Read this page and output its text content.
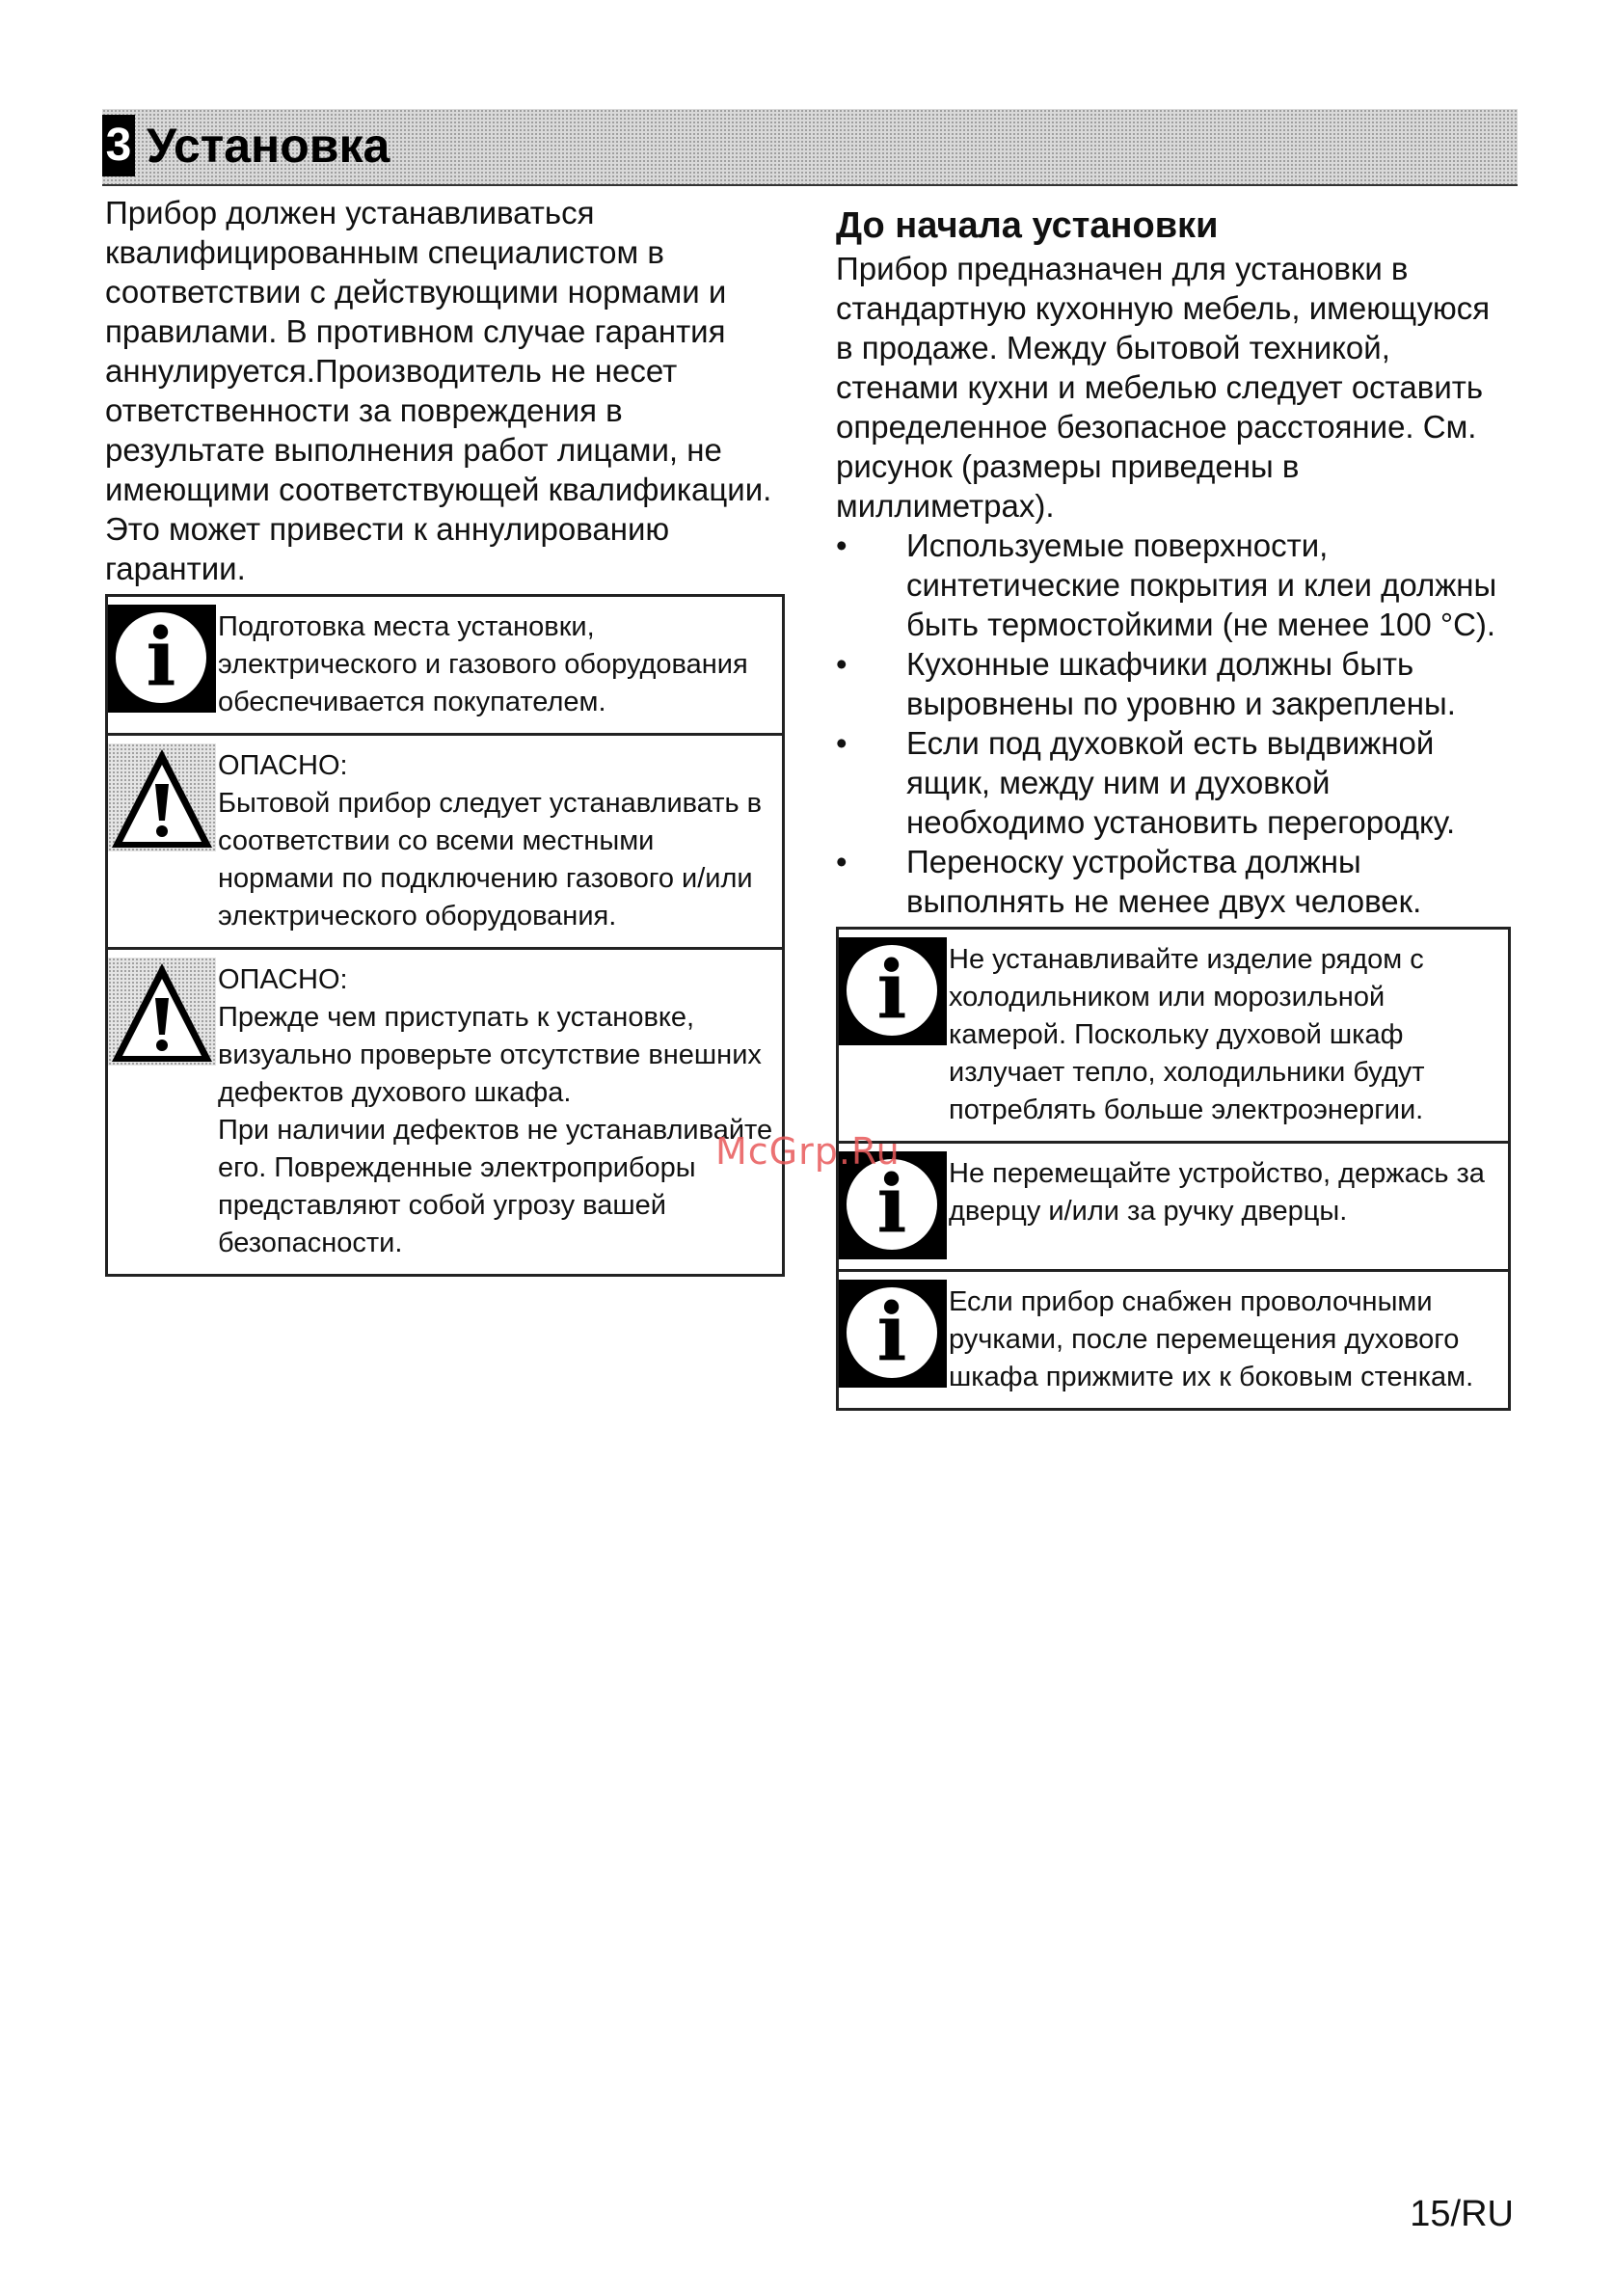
3 Установка

Прибор должен устанавливаться квалифицированным специалистом в соответствии с действующими нормами и правилами. В противном случае гарантия аннулируется.Производитель не несет ответственности за повреждения в результате выполнения работ лицами, не имеющими соответствующей квалификации. Это может привести к аннулированию гарантии.

i	Подготовка места установки, электрического и газового оборудования обеспечивается покупателем.

ОПАСНО:

Бытовой прибор следует устанавливать в соответствии со всеми местными нормами по подключению газового и/или электрического оборудования.

ОПАСНО:

Прежде чем приступать к установке, визуально проверьте отсутствие внешних дефектов духового шкафа.

При наличии дефектов не устанавливайте его. Поврежденные электроприборы представляют собой угрозу вашей безопасности.

До начала установки

Прибор предназначен для установки в стандартную кухонную мебель, имеющуюся в продаже. Между бытовой техникой, стенами кухни и мебелью следует оставить определенное безопасное расстояние. См. рисунок (размеры приведены в миллиметрах).

• Используемые поверхности, синтетические покрытия и клеи должны быть термостойкими (не менее 100 °C).
• Кухонные шкафчики должны быть выровнены по уровню и закреплены.
• Если под духовкой есть выдвижной ящик, между ним и духовкой необходимо установить перегородку.
• Переноску устройства должны выполнять не менее двух человек.
i	Не устанавливайте изделие рядом с холодильником или морозильной камерой. Поскольку духовой шкаф излучает тепло, холодильники будут потреблять больше электроэнергии.

i	Не перемещайте устройство, держась за дверцу и/или за ручку дверцы.

i	Если прибор снабжен проволочными ручками, после перемещения духового шкафа прижмите их к боковым стенкам.

McGrp.Ru
15/RU
